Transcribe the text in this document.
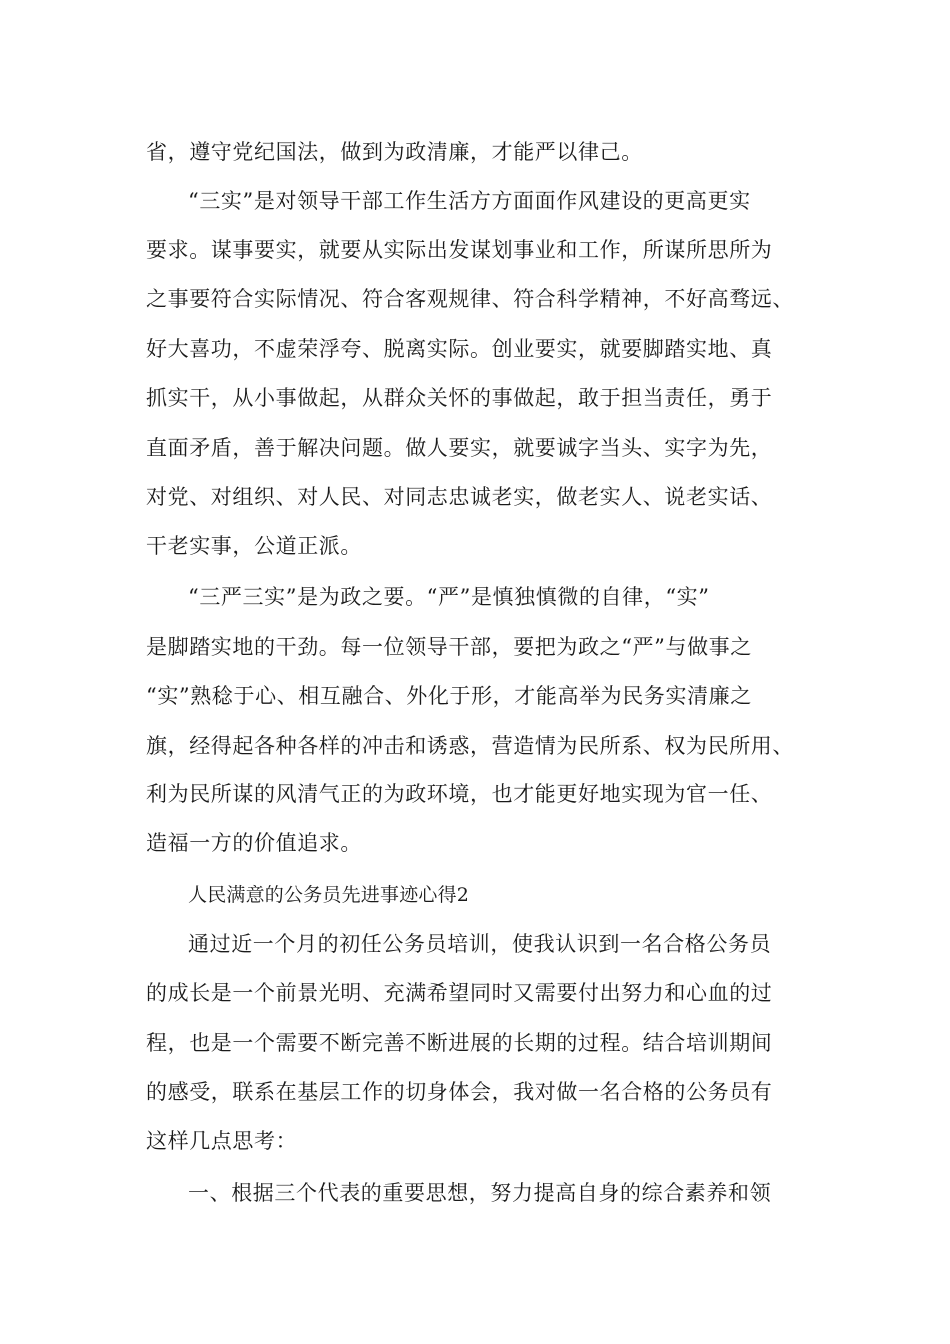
省，遵守党纪国法，做到为政清廉，才能严以律己。
“三实”是对领导干部工作生活方方面面作风建设的更高更实
要求。谋事要实，就要从实际出发谋划事业和工作，所谋所思所为
之事要符合实际情况、符合客观规律、符合科学精神，不好高骛远、
好大喜功，不虚荣浮夸、脱离实际。创业要实，就要脚踏实地、真
抓实干，从小事做起，从群众关怀的事做起，敢于担当责任，勇于
直面矛盾，善于解决问题。做人要实，就要诚字当头、实字为先，
对党、对组织、对人民、对同志忠诚老实，做老实人、说老实话、
干老实事，公道正派。
“三严三实”是为政之要。“严”是慎独慎微的自律，“实”
是脚踏实地的干劲。每一位领导干部，要把为政之“严”与做事之
“实”熟稔于心、相互融合、外化于形，才能高举为民务实清廉之
旗，经得起各种各样的冲击和诱惑，营造情为民所系、权为民所用、
利为民所谋的风清气正的为政环境，也才能更好地实现为官一任、
造福一方的价值追求。
人民满意的公务员先进事迹心得2
通过近一个月的初任公务员培训，使我认识到一名合格公务员
的成长是一个前景光明、充满希望同时又需要付出努力和心血的过
程，也是一个需要不断完善不断进展的长期的过程。结合培训期间
的感受，联系在基层工作的切身体会，我对做一名合格的公务员有
这样几点思考：
一、根据三个代表的重要思想，努力提高自身的综合素养和领
